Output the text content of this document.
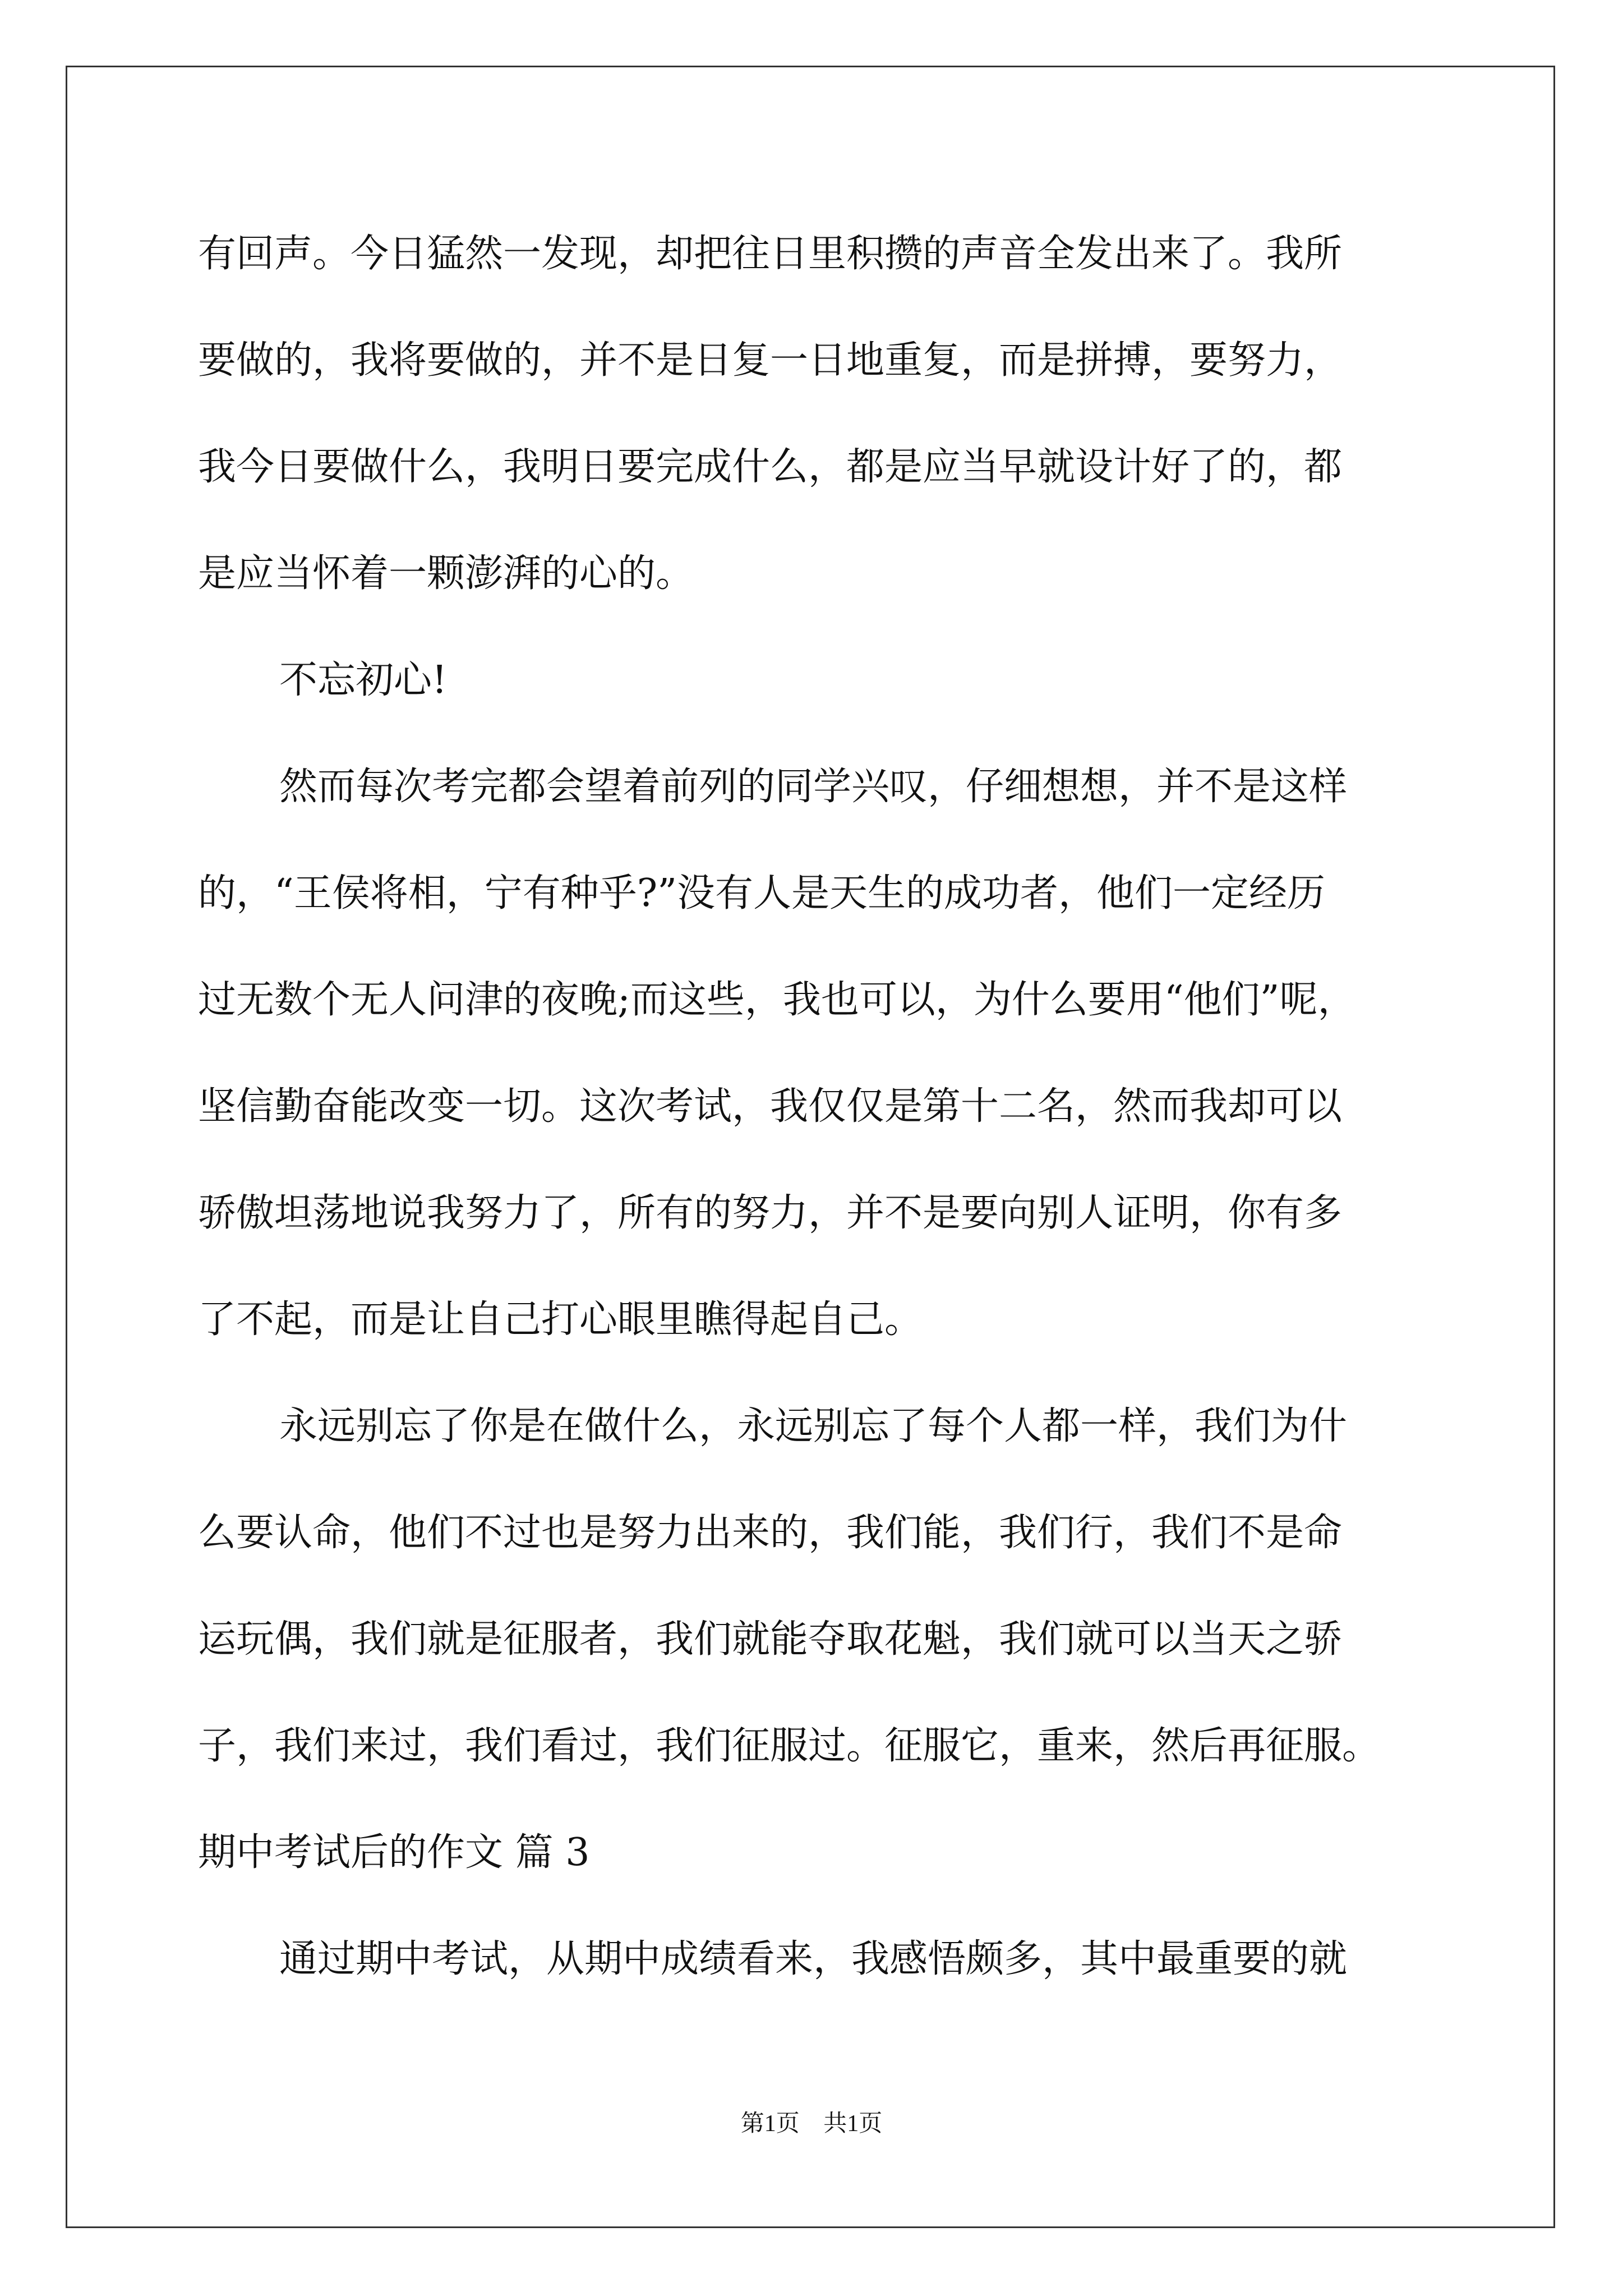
有回声。今日猛然一发现，却把往日里积攒的声音全发出来了。我所
要做的，我将要做的，并不是日复一日地重复，而是拼搏，要努力，
我今日要做什么，我明日要完成什么，都是应当早就设计好了的，都
是应当怀着一颗澎湃的心的。
不忘初心!
然而每次考完都会望着前列的同学兴叹，仔细想想，并不是这样
的，“王侯将相，宁有种乎?”没有人是天生的成功者，他们一定经历
过无数个无人问津的夜晚;而这些，我也可以，为什么要用“他们”呢，
坚信勤奋能改变一切。这次考试，我仅仅是第十二名，然而我却可以
骄傲坦荡地说我努力了，所有的努力，并不是要向别人证明，你有多
了不起，而是让自己打心眼里瞧得起自己。
永远别忘了你是在做什么，永远别忘了每个人都一样，我们为什
么要认命，他们不过也是努力出来的，我们能，我们行，我们不是命
运玩偶，我们就是征服者，我们就能夺取花魁，我们就可以当天之骄
子，我们来过，我们看过，我们征服过。征服它，重来，然后再征服。
期中考试后的作文 篇 3
通过期中考试，从期中成绩看来，我感悟颇多，其中最重要的就
第1页 共1页
